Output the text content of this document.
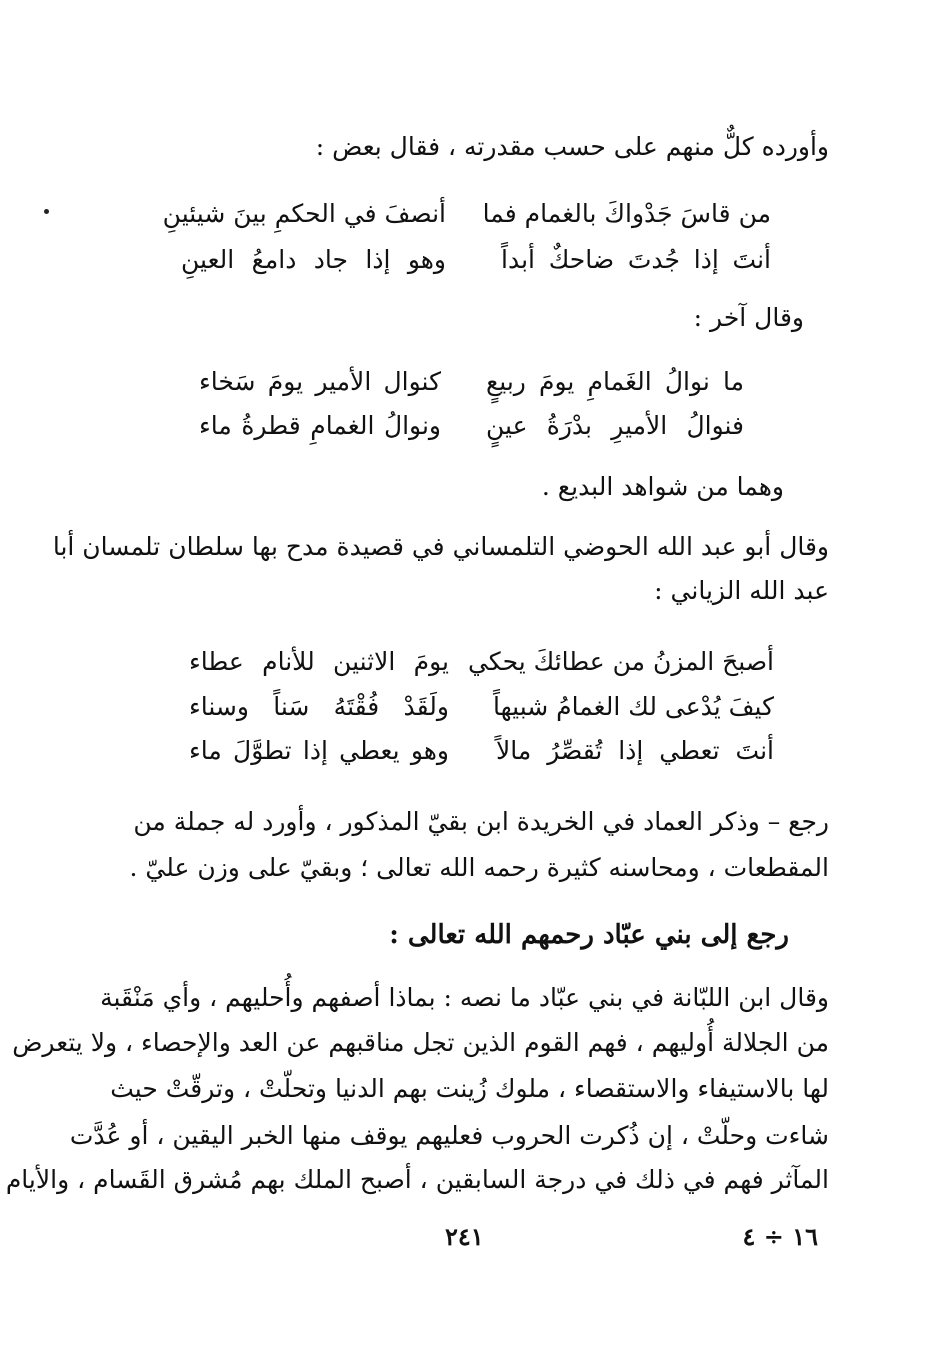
وأورده كلٌّ منهم على حسب مقدرته ، فقال بعض :
من قاسَ جَدْواكَ بالغمام فما
أنصفَ في الحكمِ بينَ شيئينِ
أنتَ إذا جُدتَ ضاحكٌ أبداً
وهو إذا جاد دامعُ العينِ
وقال آخر :
ما نوالُ الغَمامِ يومَ ربيعٍ
كنوال الأمير يومَ سَخاء
فنوالُ الأميرِ بدْرَةُ عينٍ
ونوالُ الغمامِ قطرةُ ماء
وهما من شواهد البديع .
وقال أبو عبد الله الحوضي التلمساني في قصيدة مدح بها سلطان تلمسان أبا
عبد الله الزياني :
أصبحَ المزنُ من عطائكَ يحكي
يومَ الاثنين للأنام عطاء
كيفَ يُدْعى لك الغمامُ شبيهاً
ولَقَدْ فُقْتَهُ سَناً وسناء
أنتَ تعطي إذا تُقصِّرُ مالاً
وهو يعطي إذا تطوَّلَ ماء
رجع – وذكر العماد في الخريدة ابن بقيّ المذكور ، وأورد له جملة من
المقطعات ، ومحاسنه كثيرة رحمه الله تعالى ؛ وبقيّ على وزن عليّ .
رجع إلى بني عبّاد رحمهم الله تعالى :
وقال ابن اللبّانة في بني عبّاد ما نصه : بماذا أصفهم وأُحليهم ، وأي مَنْقَبة
من الجلالة أُوليهم ، فهم القوم الذين تجل مناقبهم عن العد والإحصاء ، ولا يتعرض
لها بالاستيفاء والاستقصاء ، ملوك زُينت بهم الدنيا وتحلّتْ ، وترقّتْ حيث
شاءت وحلّتْ ، إن ذُكرت الحروب فعليهم يوقف منها الخبر اليقين ، أو عُدَّت
المآثر فهم في ذلك في درجة السابقين ، أصبح الملك بهم مُشرق القَسام ، والأيام
٢٤١	١٦ ÷ ٤
